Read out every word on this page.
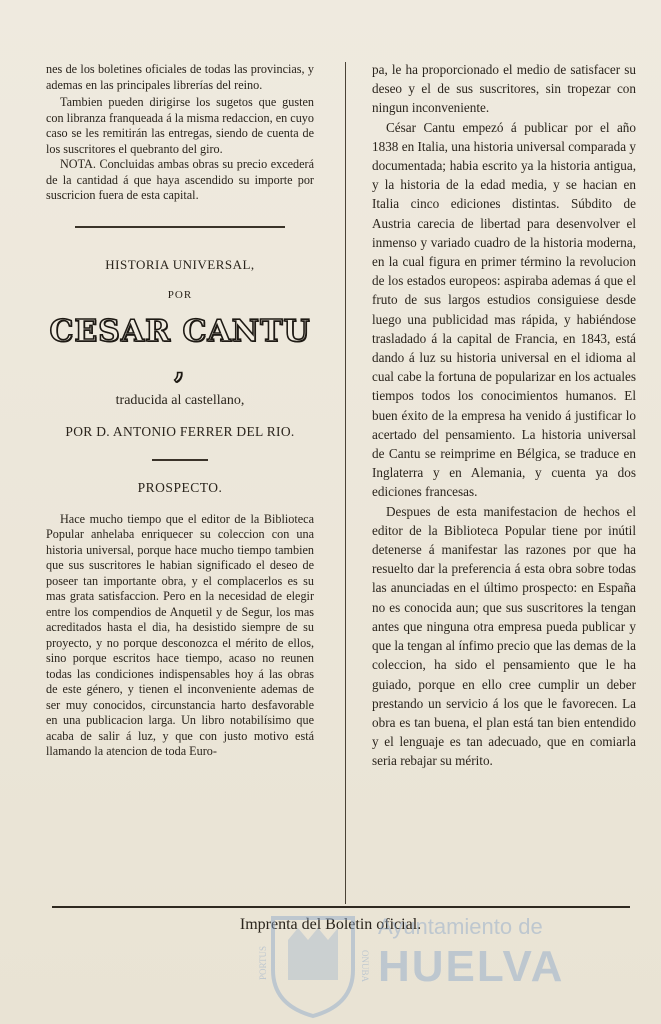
nes de los boletines oficiales de todas las provincias, y ademas en las principales librerías del reino.

Tambien pueden dirigirse los sugetos que gusten con libranza franqueada á la misma redaccion, en cuyo caso se les remitirán las entregas, siendo de cuenta de los suscritores el quebranto del giro.

NOTA. Concluidas ambas obras su precio excederá de la cantidad á que haya ascendido su importe por suscricion fuera de esta capital.

HISTORIA UNIVERSAL,
POR
CESAR CANTU ,
traducida al castellano,
POR D. ANTONIO FERRER DEL RIO.
PROSPECTO.

Hace mucho tiempo que el editor de la Biblioteca Popular anhelaba enriquecer su coleccion con una historia universal, porque hace mucho tiempo tambien que sus suscritores le habian significado el deseo de poseer tan importante obra, y el complacerlos es su mas grata satisfaccion. Pero en la necesidad de elegir entre los compendios de Anquetil y de Segur, los mas acreditados hasta el dia, ha desistido siempre de su proyecto, y no porque desconozca el mérito de ellos, sino porque escritos hace tiempo, acaso no reunen todas las condiciones indispensables hoy á las obras de este género, y tienen el inconveniente ademas de ser muy conocidos, circunstancia harto desfavorable en una publicacion larga. Un libro notabilísimo que acaba de salir á luz, y que con justo motivo está llamando la atencion de toda Euro-

pa, le ha proporcionado el medio de satisfacer su deseo y el de sus suscritores, sin tropezar con ningun inconveniente.

César Cantu empezó á publicar por el año 1838 en Italia, una historia universal comparada y documentada; habia escrito ya la historia antigua, y la historia de la edad media, y se hacian en Italia cinco ediciones distintas. Súbdito de Austria carecia de libertad para desenvolver el inmenso y variado cuadro de la historia moderna, en la cual figura en primer término la revolucion de los estados europeos: aspiraba ademas á que el fruto de sus largos estudios consiguiese desde luego una publicidad mas rápida, y habiéndose trasladado á la capital de Francia, en 1843, está dando á luz su historia universal en el idioma al cual cabe la fortuna de popularizar en los actuales tiempos todos los conocimientos humanos. El buen éxito de la empresa ha venido á justificar lo acertado del pensamiento. La historia universal de Cantu se reimprime en Bélgica, se traduce en Inglaterra y en Alemania, y cuenta ya dos ediciones francesas.

Despues de esta manifestacion de hechos el editor de la Biblioteca Popular tiene por inútil detenerse á manifestar las razones por que ha resuelto dar la preferencia á esta obra sobre todas las anunciadas en el último prospecto: en España no es conocida aun; que sus suscritores la tengan antes que ninguna otra empresa pueda publicar y que la tengan al ínfimo precio que las demas de la coleccion, ha sido el pensamiento que le ha guiado, porque en ello cree cumplir un deber prestando un servicio á los que le favorecen. La obra es tan buena, el plan está tan bien entendido y el lenguaje es tan adecuado, que en comiarla seria rebajar su mérito.

Imprenta del Boletin oficial.
PORTUS	ONUBA
Ayuntamiento de
HUELVA
